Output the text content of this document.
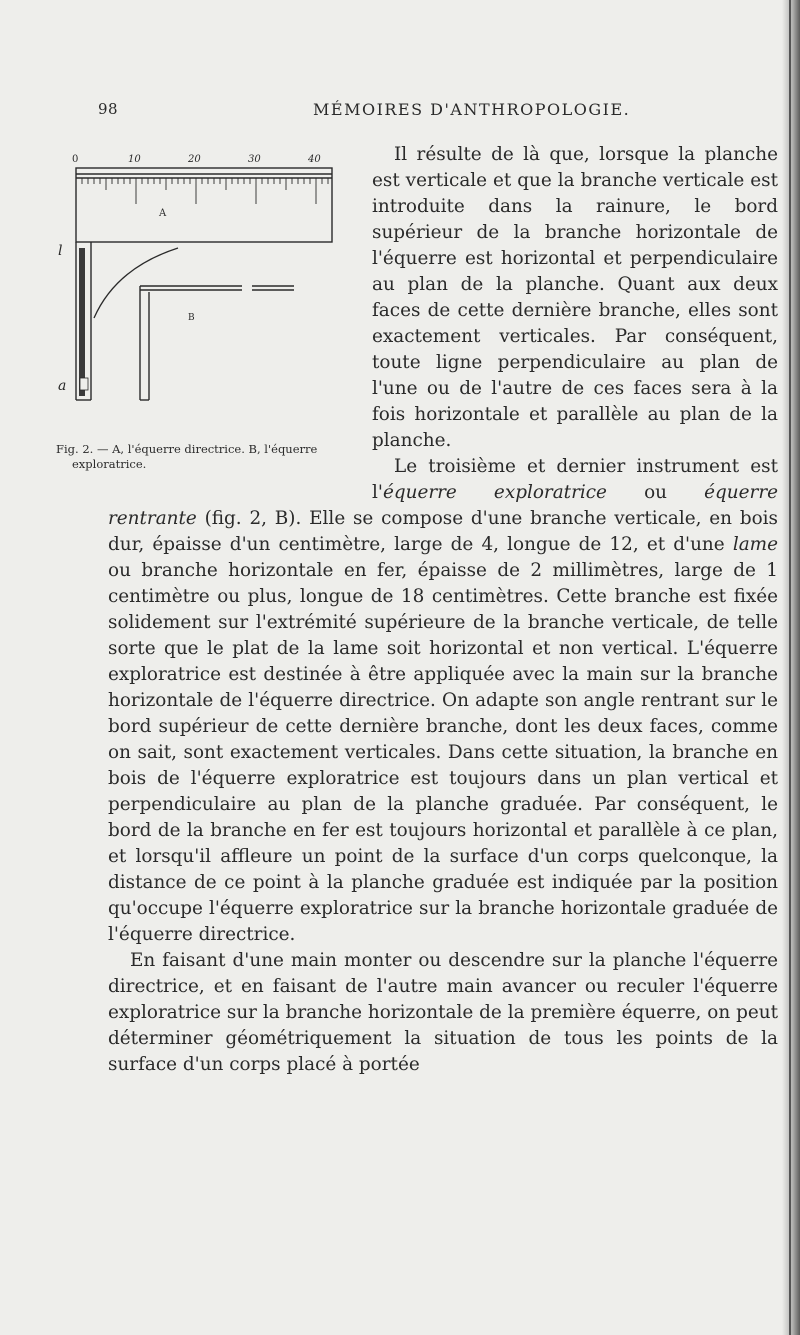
98	MÉMOIRES D'ANTHROPOLOGIE.
0	10	20	30	40
A
B
l
a
Fig. 2. — A, l'équerre directrice. B, l'équerre
exploratrice.

Il résulte de là que, lorsque la planche est verticale et que la branche verticale est introduite dans la rainure, le bord supérieur de la branche horizontale de l'équerre est horizontal et perpendiculaire au plan de la planche. Quant aux deux faces de cette dernière branche, elles sont exactement verticales. Par conséquent, toute ligne perpendiculaire au plan de l'une ou de l'autre de ces faces sera à la fois horizontale et parallèle au plan de la planche.

Le troisième et dernier instrument est l'équerre exploratrice ou équerre rentrante (fig. 2, B). Elle se compose d'une branche verticale, en bois dur, épaisse d'un centimètre, large de 4, longue de 12, et d'une lame ou branche horizontale en fer, épaisse de 2 millimètres, large de 1 centimètre ou plus, longue de 18 centimètres. Cette branche est fixée solidement sur l'extrémité supérieure de la branche verticale, de telle sorte que le plat de la lame soit horizontal et non vertical. L'équerre exploratrice est destinée à être appliquée avec la main sur la branche horizontale de l'équerre directrice. On adapte son angle rentrant sur le bord supérieur de cette dernière branche, dont les deux faces, comme on sait, sont exactement verticales. Dans cette situation, la branche en bois de l'équerre exploratrice est toujours dans un plan vertical et perpendiculaire au plan de la planche graduée. Par conséquent, le bord de la branche en fer est toujours horizontal et parallèle à ce plan, et lorsqu'il affleure un point de la surface d'un corps quelconque, la distance de ce point à la planche graduée est indiquée par la position qu'occupe l'équerre exploratrice sur la branche horizontale graduée de l'équerre directrice.

En faisant d'une main monter ou descendre sur la planche l'équerre directrice, et en faisant de l'autre main avancer ou reculer l'équerre exploratrice sur la branche horizontale de la première équerre, on peut déterminer géométriquement la situation de tous les points de la surface d'un corps placé à portée
